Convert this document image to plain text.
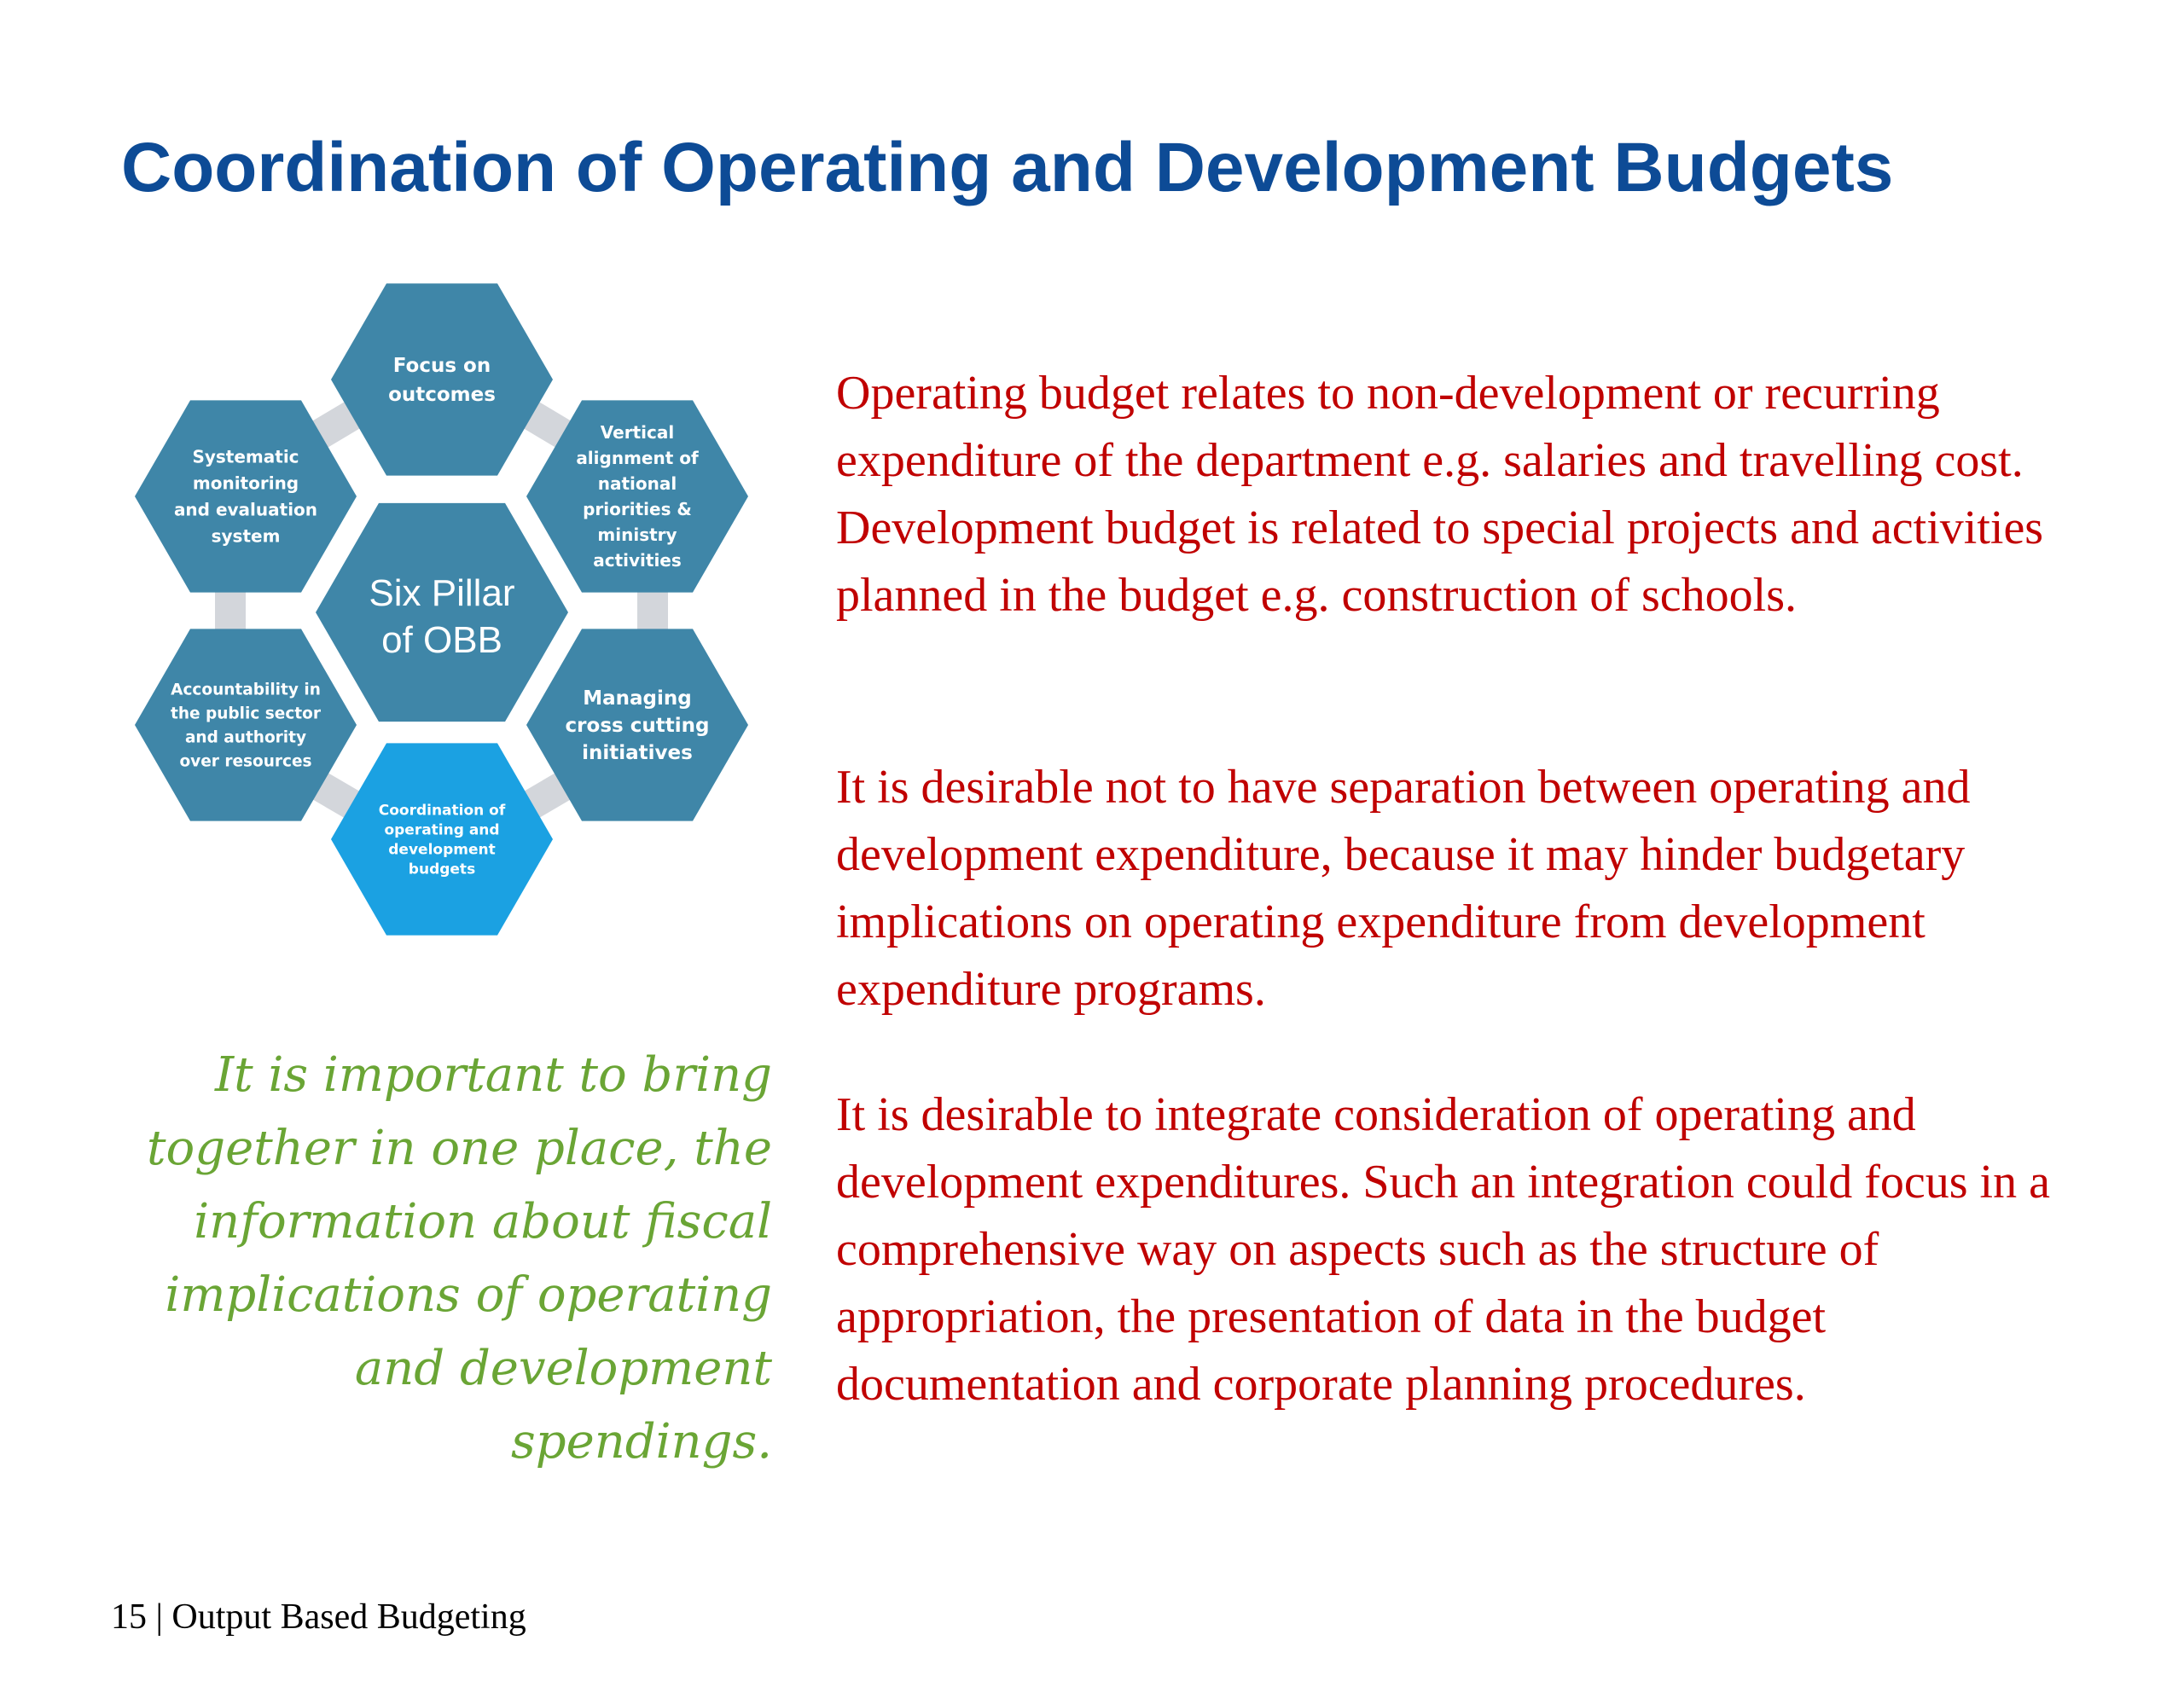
Coordination of Operating and Development Budgets
Six Pillar
of OBB
Focus on
outcomes
Vertical
alignment of
national
priorities &
ministry
activities
Managing
cross cutting
initiatives
Coordination of
operating and
development
budgets
Accountability in
the public sector
and authority
over resources
Systematic
monitoring
and evaluation
system

Operating budget relates to non-development or recurring expenditure of the department e.g. salaries and travelling cost. Development budget is related to special projects and activities planned in the budget e.g. construction of schools.

It is desirable not to have separation between operating and development expenditure, because it may hinder budgetary implications on operating expenditure from development expenditure programs.

It is desirable to integrate consideration of operating and development expenditures. Such an integration could focus in a comprehensive way on aspects such as the structure of appropriation, the presentation of data in the budget documentation and corporate planning procedures.

It is important to bring together in one place, the information about fiscal implications of operating and development spendings.
15 | Output Based Budgeting
